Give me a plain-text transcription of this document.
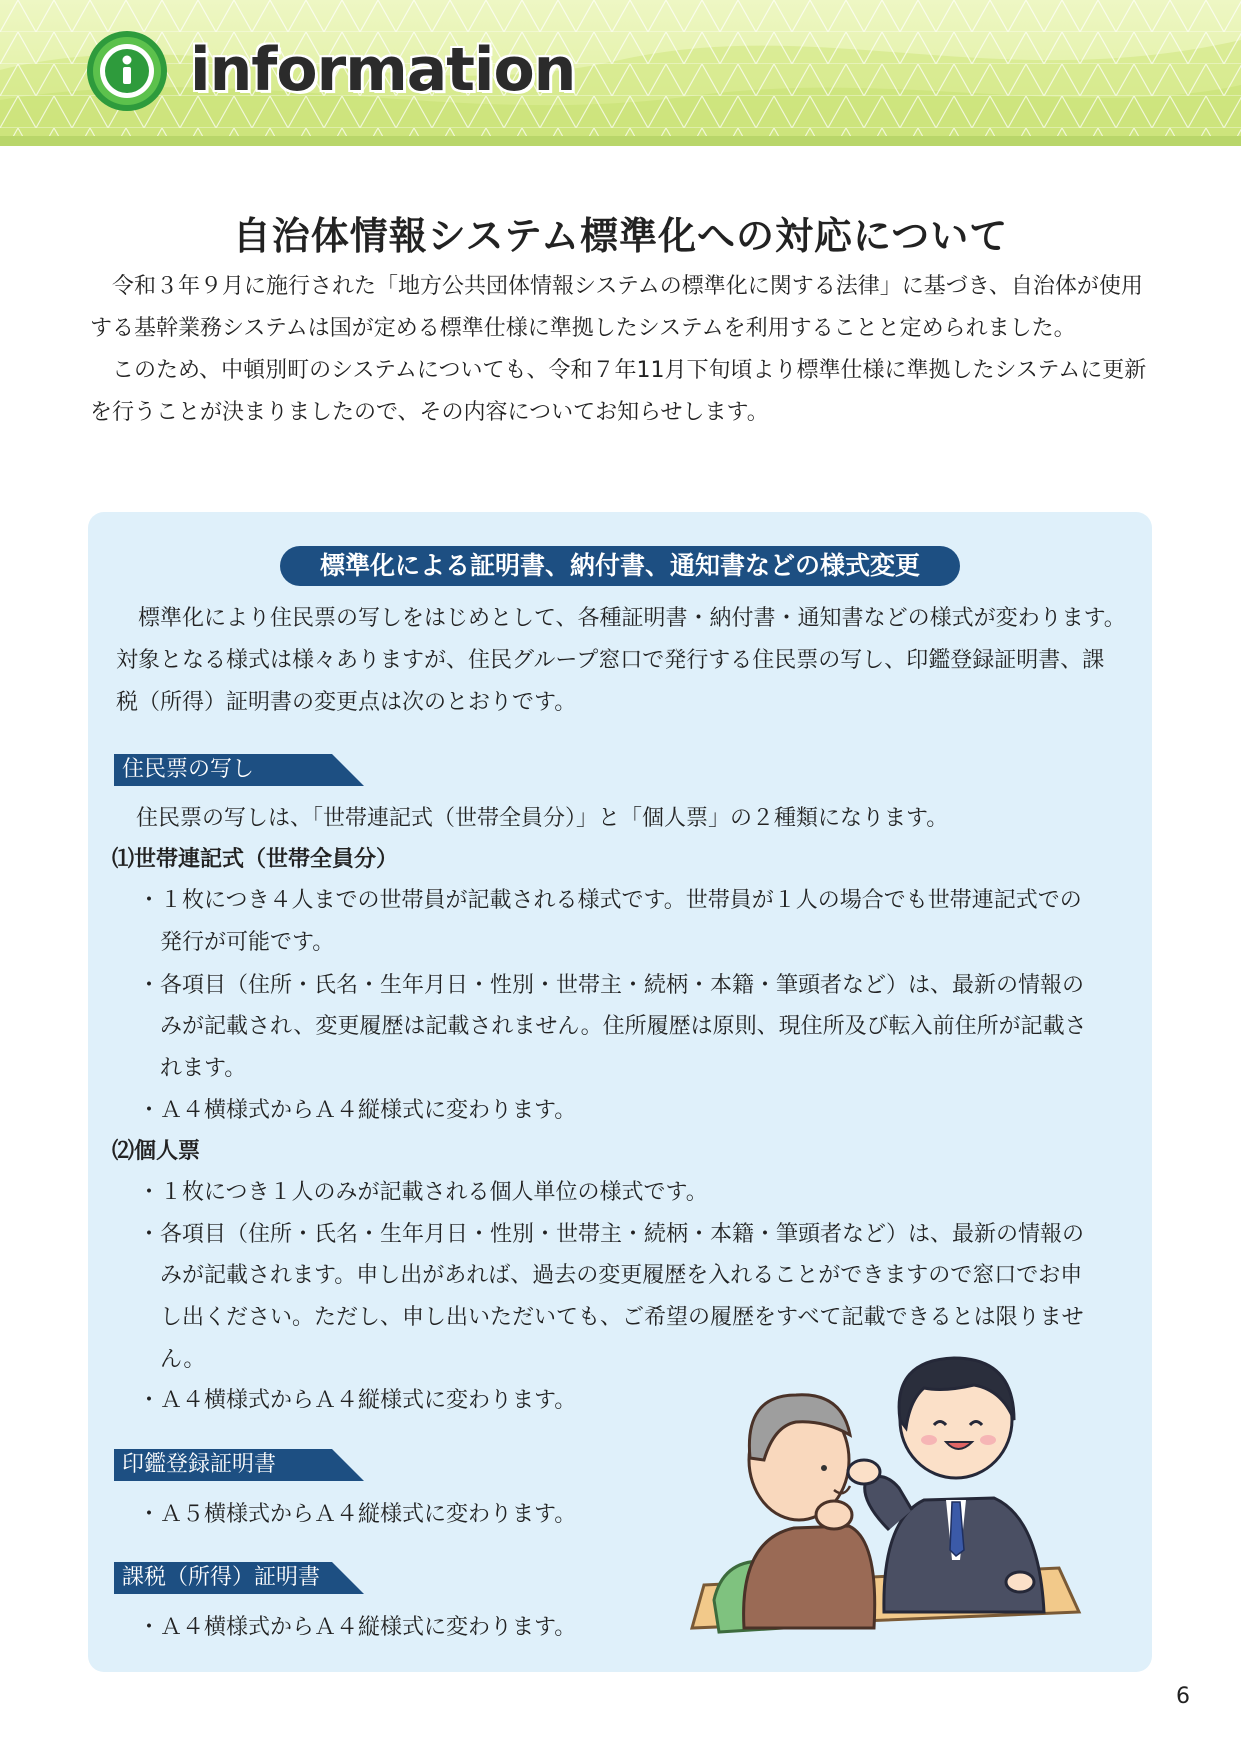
information
自治体情報システム標準化への対応について

令和３年９月に施行された「地方公共団体情報システムの標準化に関する法律」に基づき、自治体が使用する基幹業務システムは国が定める標準仕様に準拠したシステムを利用することと定められました。

このため、中頓別町のシステムについても、令和７年11月下旬頃より標準仕様に準拠したシステムに更新を行うことが決まりましたので、その内容についてお知らせします。

標準化による証明書、納付書、通知書などの様式変更

標準化により住民票の写しをはじめとして、各種証明書・納付書・通知書などの様式が変わります。対象となる様式は様々ありますが、住民グループ窓口で発行する住民票の写し、印鑑登録証明書、課税（所得）証明書の変更点は次のとおりです。

住民票の写し
住民票の写しは、「世帯連記式（世帯全員分）」と「個人票」の２種類になります。
⑴世帯連記式（世帯全員分）
・１枚につき４人までの世帯員が記載される様式です。世帯員が１人の場合でも世帯連記式での
発行が可能です。
・各項目（住所・氏名・生年月日・性別・世帯主・続柄・本籍・筆頭者など）は、最新の情報の
みが記載され、変更履歴は記載されません。住所履歴は原則、現住所及び転入前住所が記載さ
れます。
・Ａ４横様式からＡ４縦様式に変わります。
⑵個人票
・１枚につき１人のみが記載される個人単位の様式です。
・各項目（住所・氏名・生年月日・性別・世帯主・続柄・本籍・筆頭者など）は、最新の情報の
みが記載されます。申し出があれば、過去の変更履歴を入れることができますので窓口でお申
し出ください。ただし、申し出いただいても、ご希望の履歴をすべて記載できるとは限りませ
ん。
・Ａ４横様式からＡ４縦様式に変わります。
印鑑登録証明書
・Ａ５横様式からＡ４縦様式に変わります。
課税（所得）証明書
・Ａ４横様式からＡ４縦様式に変わります。
6
